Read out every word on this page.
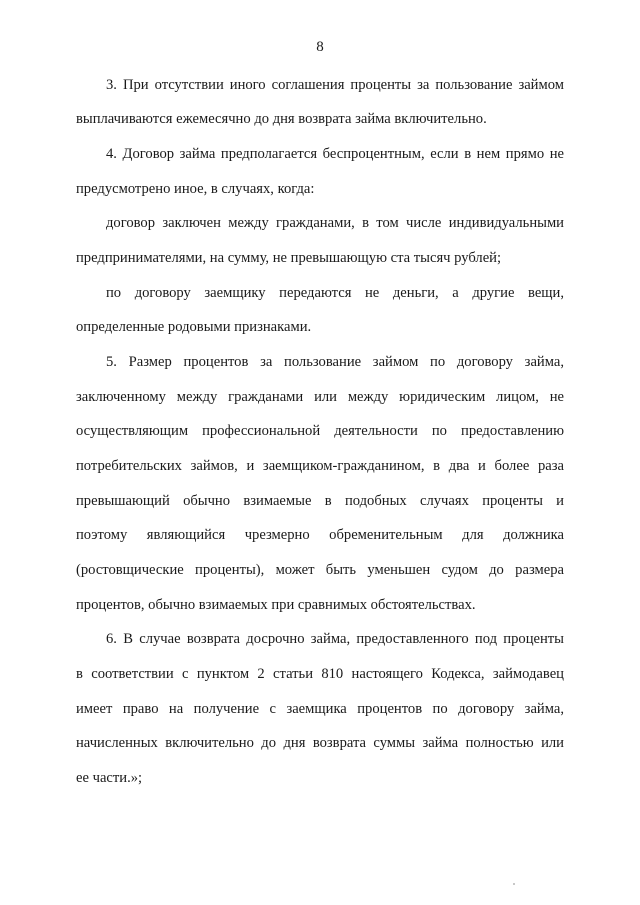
8
3. При отсутствии иного соглашения проценты за пользование займом
выплачиваются ежемесячно до дня возврата займа включительно.
4. Договор займа предполагается беспроцентным, если в нем прямо не
предусмотрено иное, в случаях, когда:
договор заключен между гражданами, в том числе индивидуальными
предпринимателями, на сумму, не превышающую ста тысяч рублей;
по договору заемщику передаются не деньги, а другие вещи,
определенные родовыми признаками.
5. Размер процентов за пользование займом по договору займа,
заключенному между гражданами или между юридическим лицом, не
осуществляющим профессиональной деятельности по предоставлению
потребительских займов, и заемщиком-гражданином, в два и более раза
превышающий обычно взимаемые в подобных случаях проценты и
поэтому являющийся чрезмерно обременительным для должника
(ростовщические проценты), может быть уменьшен судом до размера
процентов, обычно взимаемых при сравнимых обстоятельствах.
6. В случае возврата досрочно займа, предоставленного под проценты
в соответствии с пунктом 2 статьи 810 настоящего Кодекса, займодавец
имеет право на получение с заемщика процентов по договору займа,
начисленных включительно до дня возврата суммы займа полностью или
ее части.»;
